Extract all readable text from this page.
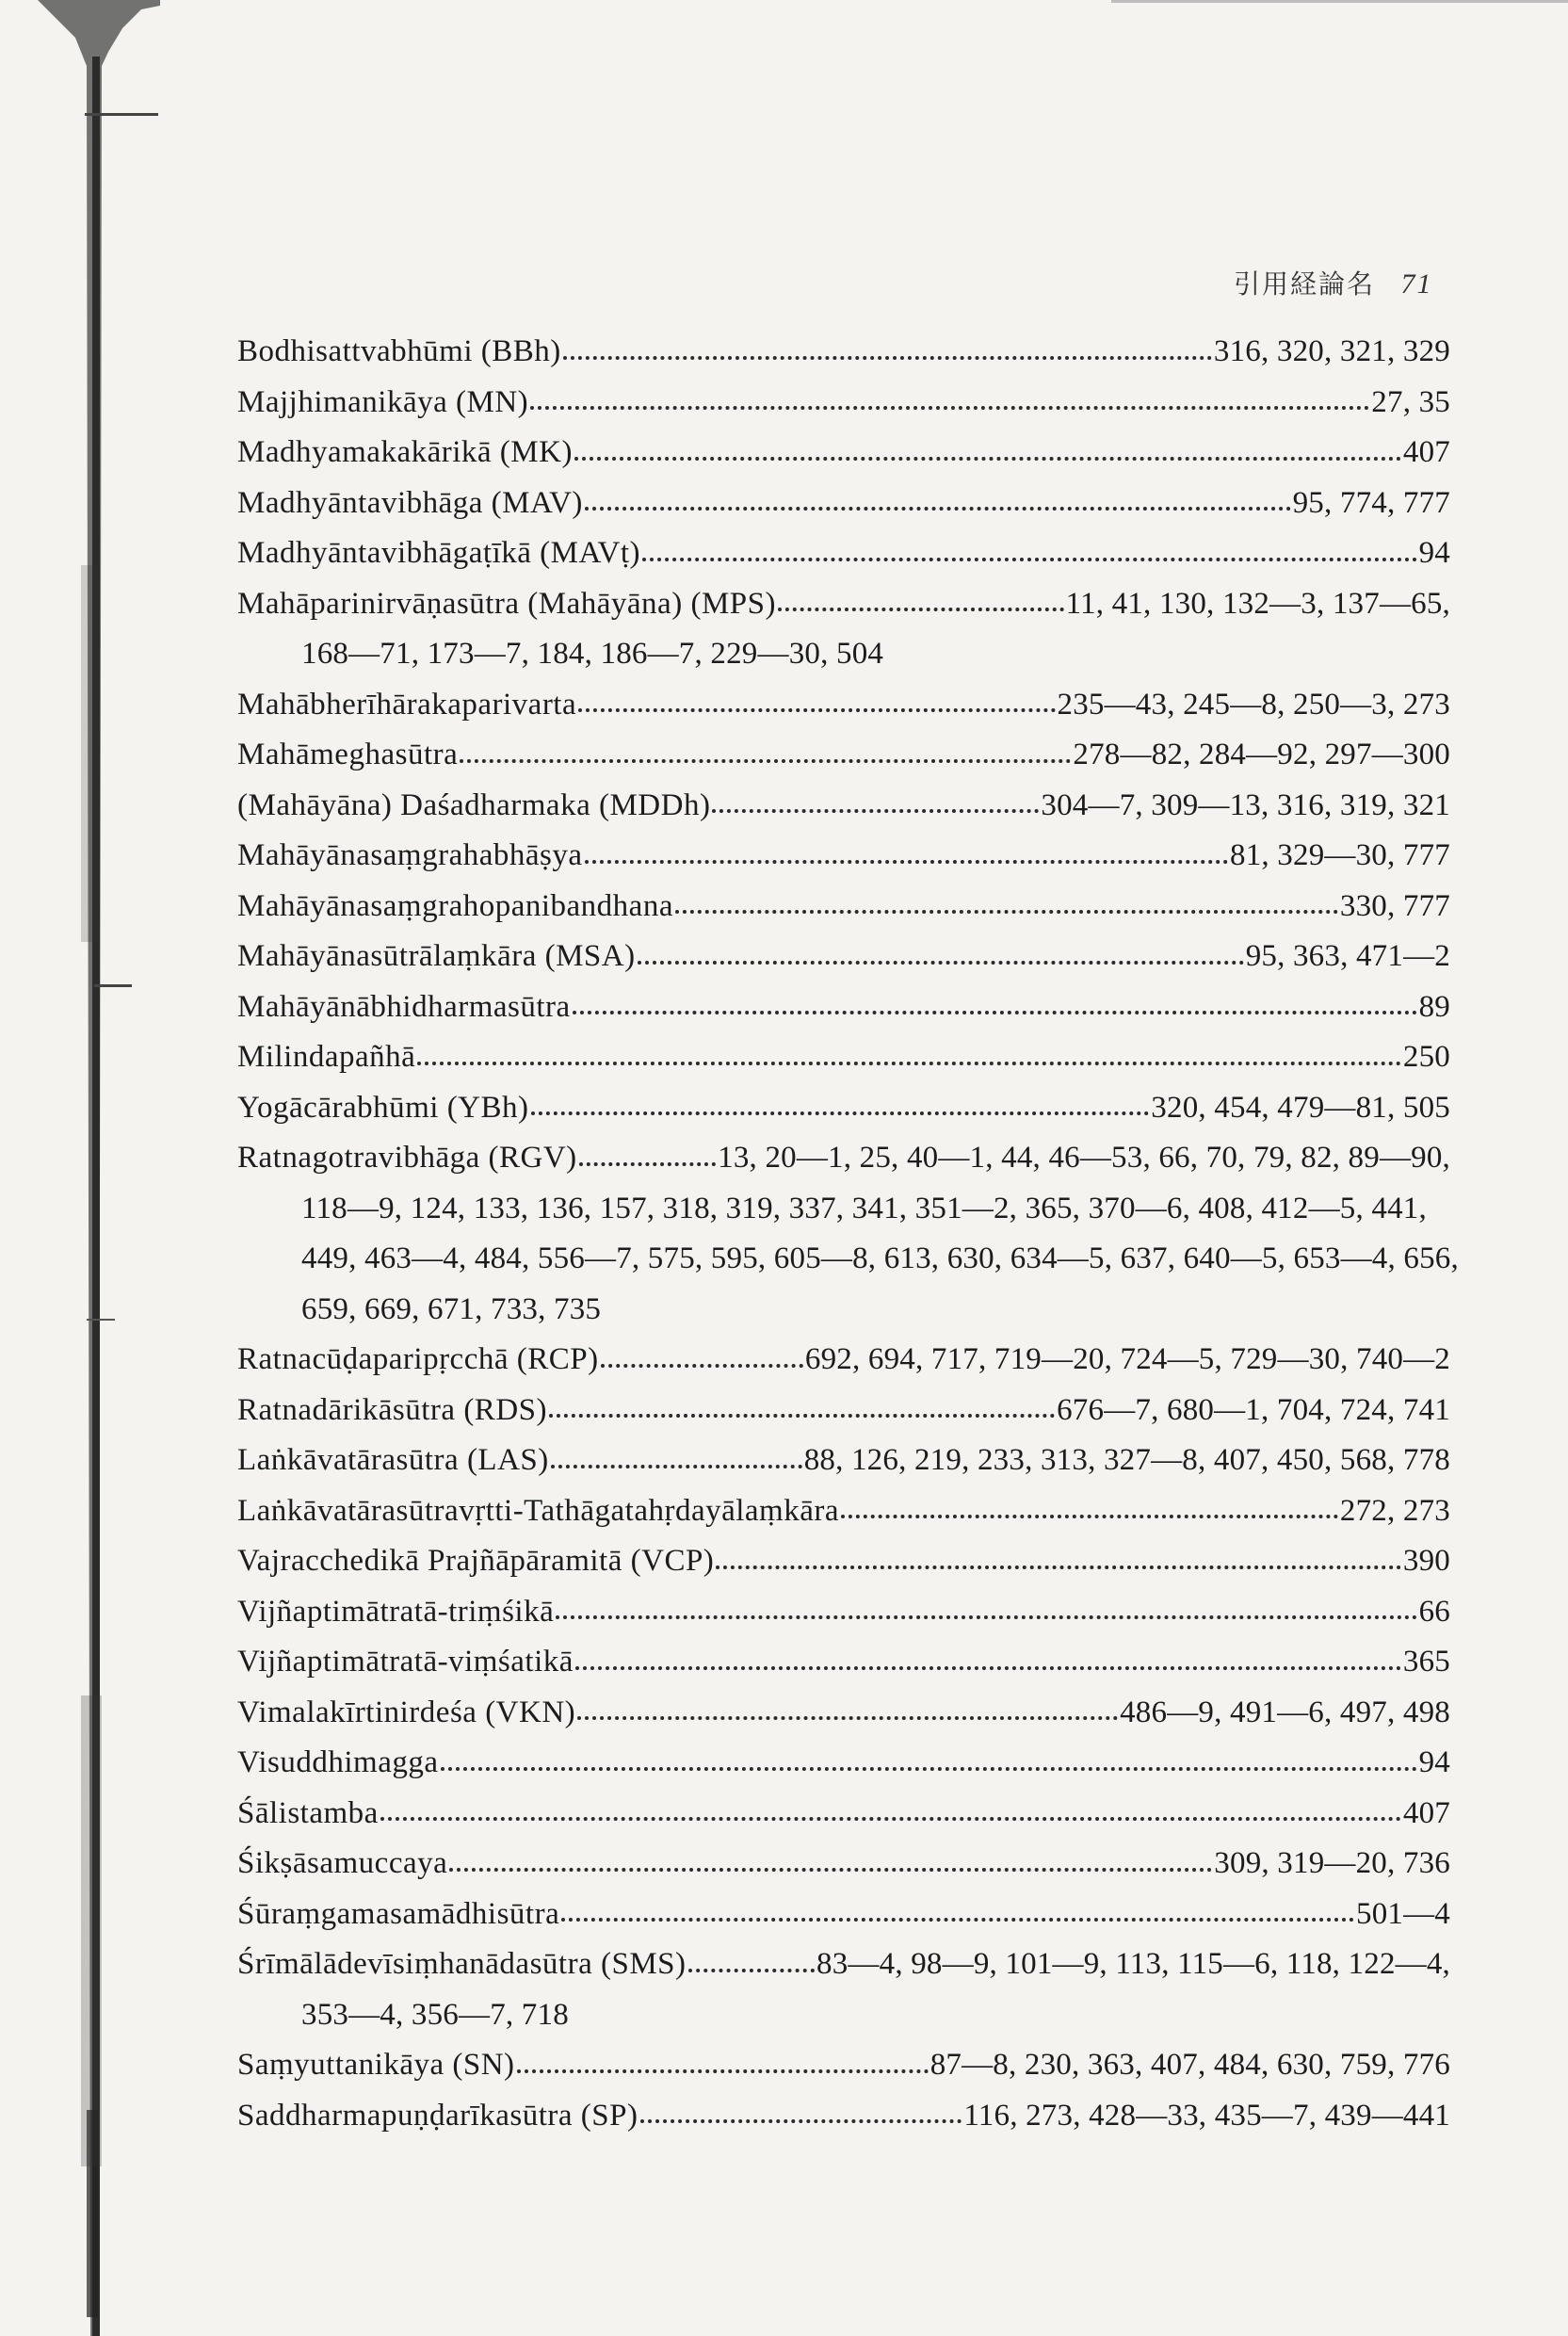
引用経論名 71
Bodhisattvabhūmi (BBh)	316, 320, 321, 329
Majjhimanikāya (MN)	27, 35
Madhyamakakārikā (MK)	407
Madhyāntavibhāga (MAV)	95, 774, 777
Madhyāntavibhāgaṭīkā (MAVṭ)	94
Mahāparinirvāṇasūtra (Mahāyāna) (MPS)	11, 41, 130, 132—3, 137—65,
168—71, 173—7, 184, 186—7, 229—30, 504
Mahābherīhārakaparivarta	235—43, 245—8, 250—3, 273
Mahāmeghasūtra	278—82, 284—92, 297—300
(Mahāyāna) Daśadharmaka (MDDh)	304—7, 309—13, 316, 319, 321
Mahāyānasaṃgrahabhāṣya	81, 329—30, 777
Mahāyānasaṃgrahopanibandhana	330, 777
Mahāyānasūtrālaṃkāra (MSA)	95, 363, 471—2
Mahāyānābhidharmasūtra	89
Milindapañhā	250
Yogācārabhūmi (YBh)	320, 454, 479—81, 505
Ratnagotravibhāga (RGV)	13, 20—1, 25, 40—1, 44, 46—53, 66, 70, 79, 82, 89—90,
118—9, 124, 133, 136, 157, 318, 319, 337, 341, 351—2, 365, 370—6, 408, 412—5, 441,
449, 463—4, 484, 556—7, 575, 595, 605—8, 613, 630, 634—5, 637, 640—5, 653—4, 656,
659, 669, 671, 733, 735
Ratnacūḍaparipṛcchā (RCP)	692, 694, 717, 719—20, 724—5, 729—30, 740—2
Ratnadārikāsūtra (RDS)	676—7, 680—1, 704, 724, 741
Laṅkāvatārasūtra (LAS)	88, 126, 219, 233, 313, 327—8, 407, 450, 568, 778
Laṅkāvatārasūtravṛtti-Tathāgatahṛdayālaṃkāra	272, 273
Vajracchedikā Prajñāpāramitā (VCP)	390
Vijñaptimātratā-triṃśikā	66
Vijñaptimātratā-viṃśatikā	365
Vimalakīrtinirdeśa (VKN)	486—9, 491—6, 497, 498
Visuddhimagga	94
Śālistamba	407
Śikṣāsamuccaya	309, 319—20, 736
Śūraṃgamasamādhisūtra	501—4
Śrīmālādevīsiṃhanādasūtra (SMS)	83—4, 98—9, 101—9, 113, 115—6, 118, 122—4,
353—4, 356—7, 718
Saṃyuttanikāya (SN)	87—8, 230, 363, 407, 484, 630, 759, 776
Saddharmapuṇḍarīkasūtra (SP)	116, 273, 428—33, 435—7, 439—441
